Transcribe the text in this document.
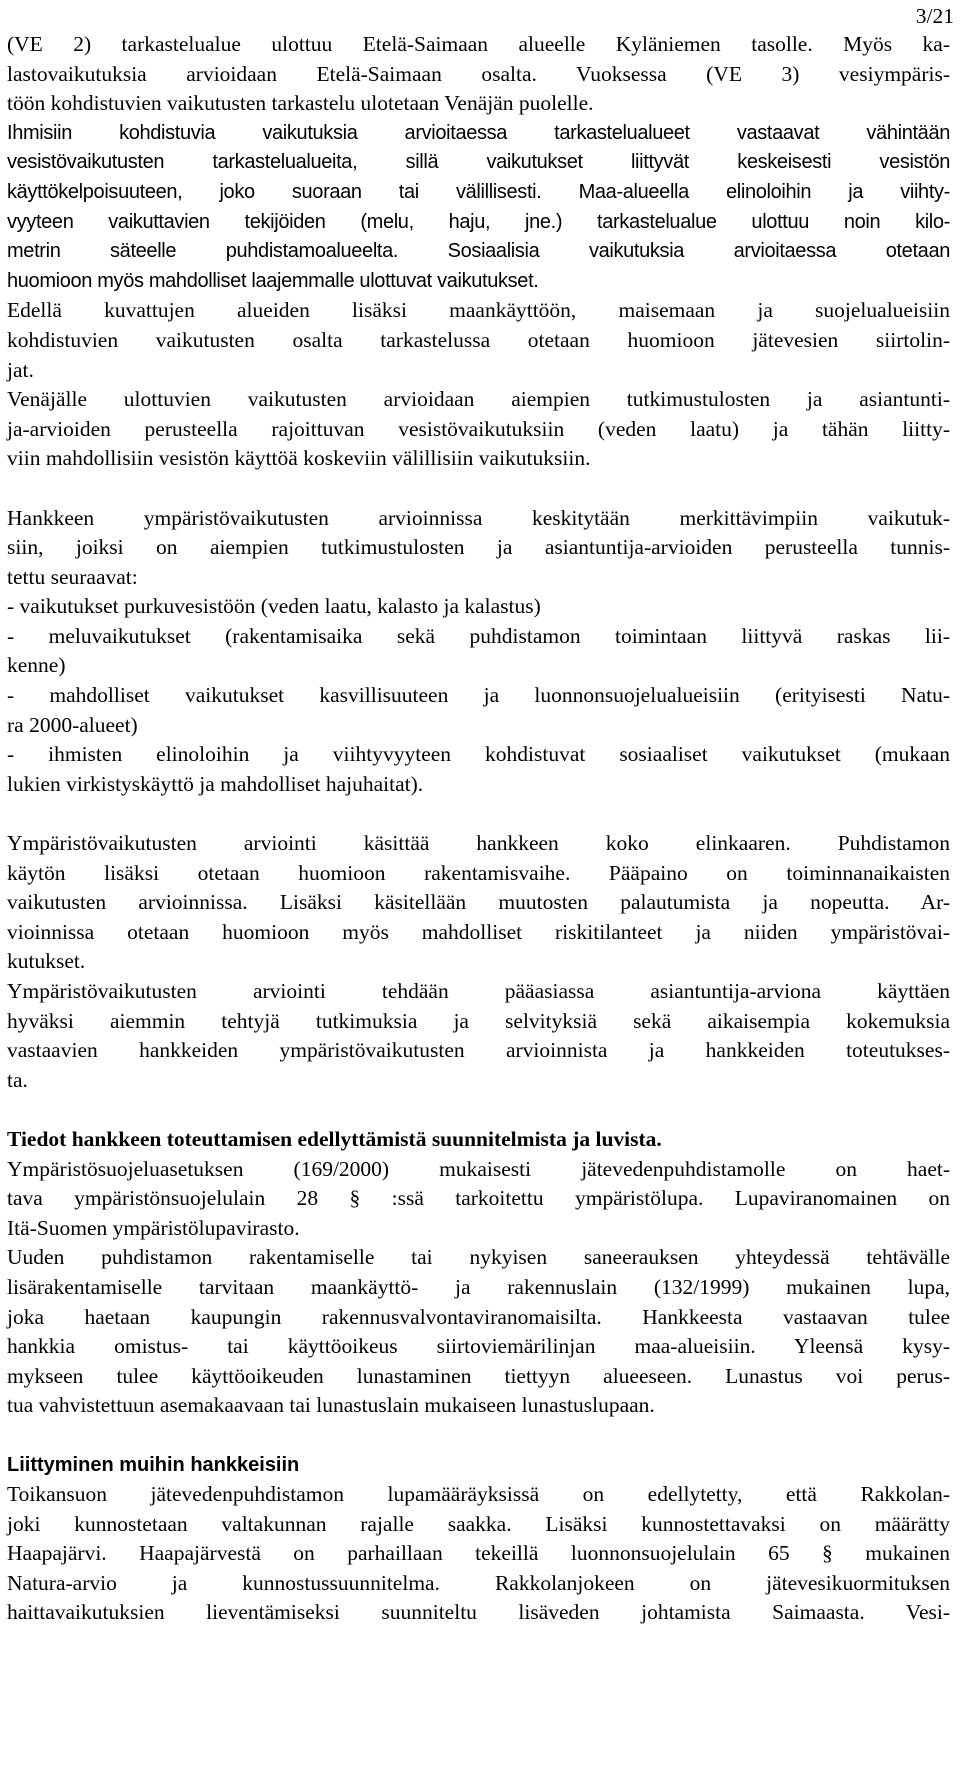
3/21
(VE 2) tarkastelualue ulottuu Etelä-Saimaan alueelle Kyläniemen tasolle. Myös ka-
lastovaikutuksia arvioidaan Etelä-Saimaan osalta. Vuoksessa (VE 3) vesiympäris-
töön kohdistuvien vaikutusten tarkastelu ulotetaan Venäjän puolelle.
Ihmisiin kohdistuvia vaikutuksia arvioitaessa tarkastelualueet vastaavat vähintään
vesistövaikutusten tarkastelualueita, sillä vaikutukset liittyvät keskeisesti vesistön
käyttökelpoisuuteen, joko suoraan tai välillisesti. Maa-alueella elinoloihin ja viihty-
vyyteen vaikuttavien tekijöiden (melu, haju, jne.) tarkastelualue ulottuu noin kilo-
metrin säteelle puhdistamoalueelta. Sosiaalisia vaikutuksia arvioitaessa otetaan
huomioon myös mahdolliset laajemmalle ulottuvat vaikutukset.
Edellä kuvattujen alueiden lisäksi maankäyttöön, maisemaan ja suojelualueisiin
kohdistuvien vaikutusten osalta tarkastelussa otetaan huomioon jätevesien siirtolin-
jat.
Venäjälle ulottuvien vaikutusten arvioidaan aiempien tutkimustulosten ja asiantunti-
ja-arvioiden perusteella rajoittuvan vesistövaikutuksiin (veden laatu) ja tähän liitty-
viin mahdollisiin vesistön käyttöä koskeviin välillisiin vaikutuksiin.
Hankkeen ympäristövaikutusten arvioinnissa keskitytään merkittävimpiin vaikutuk-
siin, joiksi on aiempien tutkimustulosten ja asiantuntija-arvioiden perusteella tunnis-
tettu seuraavat:
- vaikutukset purkuvesistöön (veden laatu, kalasto ja kalastus)
- meluvaikutukset (rakentamisaika sekä puhdistamon toimintaan liittyvä raskas lii-
kenne)
- mahdolliset vaikutukset kasvillisuuteen ja luonnonsuojelualueisiin (erityisesti Natu-
ra 2000-alueet)
- ihmisten elinoloihin ja viihtyvyyteen kohdistuvat sosiaaliset vaikutukset (mukaan
lukien virkistyskäyttö ja mahdolliset hajuhaitat).
Ympäristövaikutusten arviointi käsittää hankkeen koko elinkaaren. Puhdistamon
käytön lisäksi otetaan huomioon rakentamisvaihe. Pääpaino on toiminnanaikaisten
vaikutusten arvioinnissa. Lisäksi käsitellään muutosten palautumista ja nopeutta. Ar-
vioinnissa otetaan huomioon myös mahdolliset riskitilanteet ja niiden ympäristövai-
kutukset.
Ympäristövaikutusten arviointi tehdään pääasiassa asiantuntija-arviona käyttäen
hyväksi aiemmin tehtyjä tutkimuksia ja selvityksiä sekä aikaisempia kokemuksia
vastaavien hankkeiden ympäristövaikutusten arvioinnista ja hankkeiden toteutukses-
ta.
Tiedot hankkeen toteuttamisen edellyttämistä suunnitelmista ja luvista.
Ympäristösuojeluasetuksen (169/2000) mukaisesti jätevedenpuhdistamolle on haet-
tava ympäristönsuojelulain 28 § :ssä tarkoitettu ympäristölupa. Lupaviranomainen on
Itä-Suomen ympäristölupavirasto.
Uuden puhdistamon rakentamiselle tai nykyisen saneerauksen yhteydessä tehtävälle
lisärakentamiselle tarvitaan maankäyttö- ja rakennuslain (132/1999) mukainen lupa,
joka haetaan kaupungin rakennusvalvontaviranomaisilta. Hankkeesta vastaavan tulee
hankkia omistus- tai käyttöoikeus siirtoviemärilinjan maa-alueisiin. Yleensä kysy-
mykseen tulee käyttöoikeuden lunastaminen tiettyyn alueeseen. Lunastus voi perus-
tua vahvistettuun asemakaavaan tai lunastuslain mukaiseen lunastuslupaan.
Liittyminen muihin hankkeisiin
Toikansuon jätevedenpuhdistamon lupamääräyksissä on edellytetty, että Rakkolan-
joki kunnostetaan valtakunnan rajalle saakka. Lisäksi kunnostettavaksi on määrätty
Haapajärvi. Haapajärvestä on parhaillaan tekeillä luonnonsuojelulain 65 § mukainen
Natura-arvio ja kunnostussuunnitelma. Rakkolanjokeen on jätevesikuormituksen
haittavaikutuksien lieventämiseksi suunniteltu lisäveden johtamista Saimaasta. Vesi-
